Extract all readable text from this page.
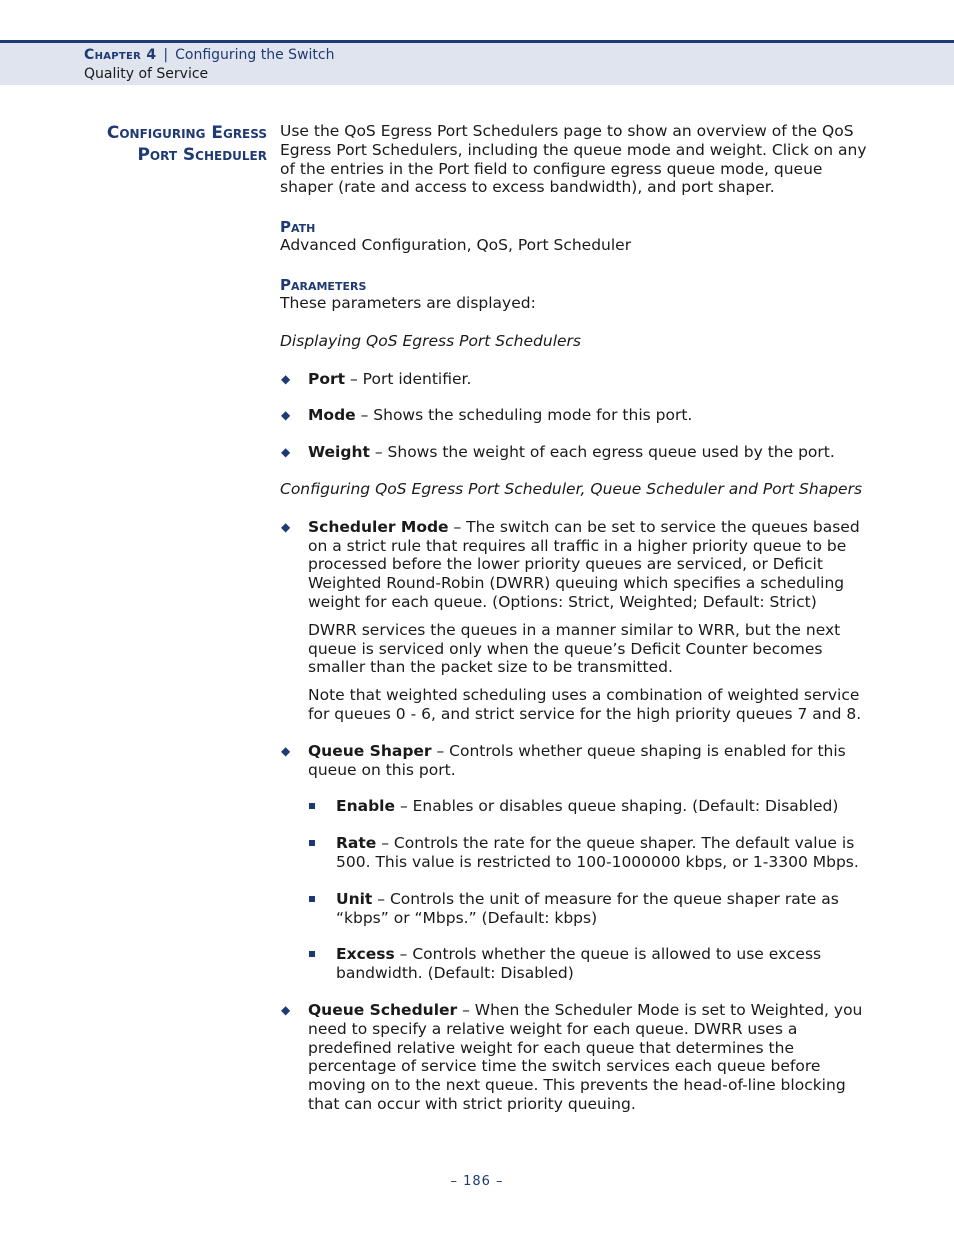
Chapter 4 | Configuring the Switch
Quality of Service
Configuring Egress
Port Scheduler

Use the QoS Egress Port Schedulers page to show an overview of the QoS Egress Port Schedulers, including the queue mode and weight. Click on any of the entries in the Port field to configure egress queue mode, queue shaper (rate and access to excess bandwidth), and port shaper.

Path

Advanced Configuration, QoS, Port Scheduler

Parameters

These parameters are displayed:

Displaying QoS Egress Port Schedulers

◆ Port – Port identifier.
◆ Mode – Shows the scheduling mode for this port.
◆ Weight – Shows the weight of each egress queue used by the port.

Configuring QoS Egress Port Scheduler, Queue Scheduler and Port Shapers

◆ Scheduler Mode – The switch can be set to service the queues based on a strict rule that requires all traffic in a higher priority queue to be processed before the lower priority queues are serviced, or Deficit Weighted Round-Robin (DWRR) queuing which specifies a scheduling weight for each queue. (Options: Strict, Weighted; Default: Strict)

DWRR services the queues in a manner similar to WRR, but the next queue is serviced only when the queue’s Deficit Counter becomes smaller than the packet size to be transmitted.

Note that weighted scheduling uses a combination of weighted service for queues 0 - 6, and strict service for the high priority queues 7 and 8.

◆ Queue Shaper – Controls whether queue shaping is enabled for this queue on this port.
Enable – Enables or disables queue shaping. (Default: Disabled)
Rate – Controls the rate for the queue shaper. The default value is 500. This value is restricted to 100-1000000 kbps, or 1-3300 Mbps.
Unit – Controls the unit of measure for the queue shaper rate as “kbps” or “Mbps.” (Default: kbps)
Excess – Controls whether the queue is allowed to use excess bandwidth. (Default: Disabled)
◆ Queue Scheduler – When the Scheduler Mode is set to Weighted, you need to specify a relative weight for each queue. DWRR uses a predefined relative weight for each queue that determines the percentage of service time the switch services each queue before moving on to the next queue. This prevents the head-of-line blocking that can occur with strict priority queuing.
– 186 –
